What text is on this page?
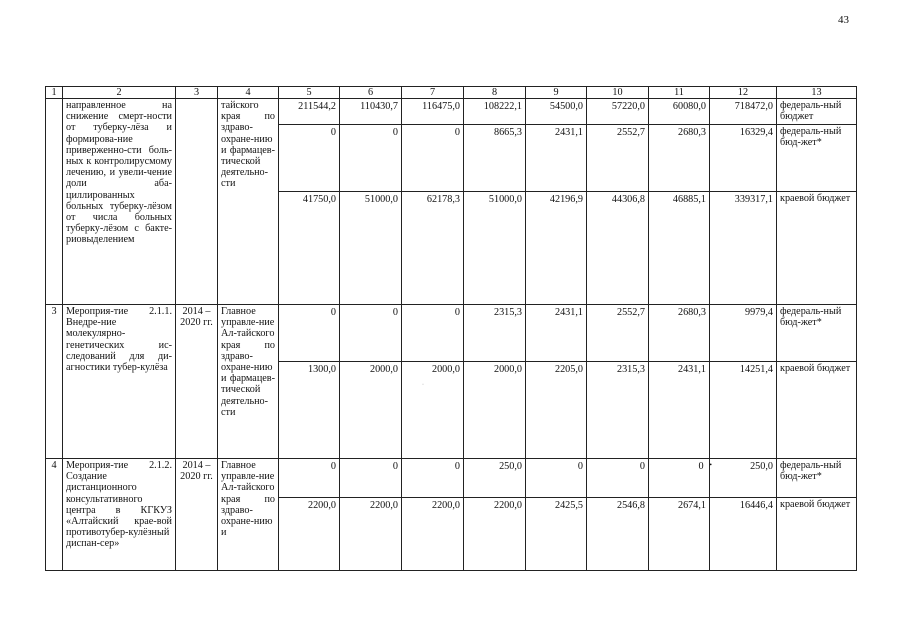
43
·
1	2	3	4	5	6	7	8	9	10	11	12	13
	направленное на снижение смерт-ности от туберку-лёза и формирова-ние приверженно-сти боль-ных к контролирусмому лечению, и увели-чение доли аба-циллированных больных туберку-лёзом от числа больных туберку-лёзом с бакте-риовыделением		тайского края по здраво-охране-нию и фармацев-тической деятельно-сти	211544,2	110430,7	116475,0	108222,1	54500,0	57220,0	60080,0	718472,0	федераль-ный бюджет
				0	0	0	8665,3	2431,1	2552,7	2680,3	16329,4	федераль-ный бюд-жет*
				41750,0	51000,0	62178,3	51000,0	42196,9	44306,8	46885,1	339317,1	краевой бюджет
3	Мероприя-тие 2.1.1. Внедре-ние молекулярно-генетических ис-следований для ди-агностики тубер-кулёза	2014 – 2020 гг.	Главное управле-ние Ал-тайского края по здраво-охране-нию и фармацев-тической деятельно-сти	0	0	0	2315,3	2431,1	2552,7	2680,3	9979,4	федераль-ный бюд-жет*
				1300,0	2000,0	2000,0	2000,0	2205,0	2315,3	2431,1	14251,4	краевой бюджет
4	Мероприя-тие 2.1.2. Создание дистанционного консультативного центра в КГКУЗ «Алтайский крае-вой противотубер-кулёзный диспан-сер»	2014 – 2020 гг.	Главное управле-ние Ал-тайского края по здраво-охране-нию и	0	0	0	250,0	0	0	0 •	250,0	федераль-ный бюд-жет*
				2200,0	2200,0	2200,0	2200,0	2425,5	2546,8	2674,1	16446,4	краевой бюджет
